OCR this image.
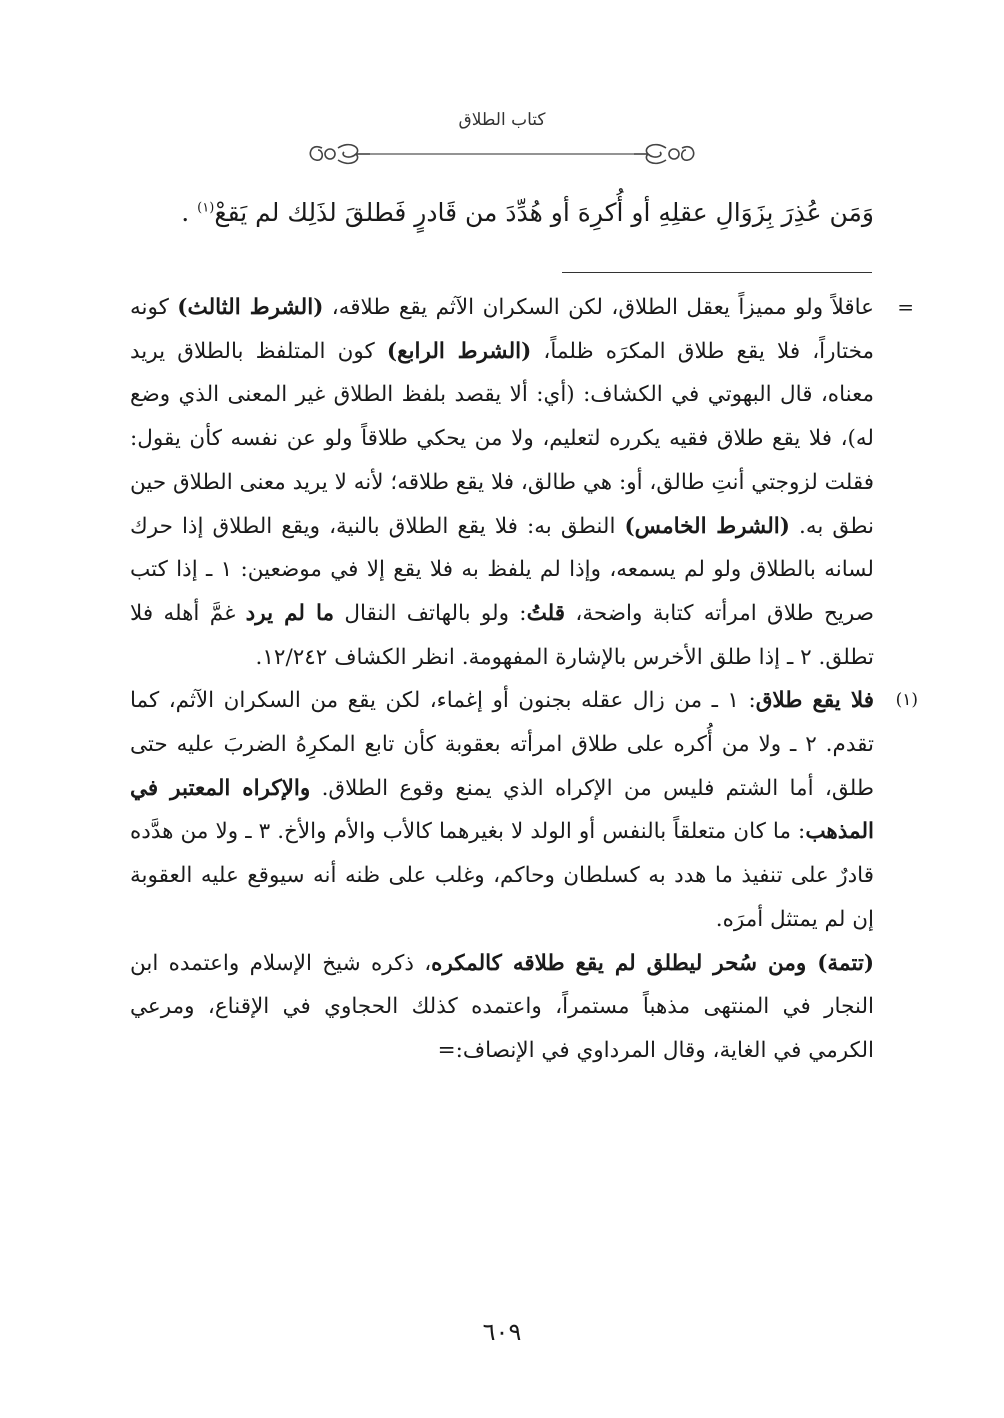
كتاب الطلاق
وَمَن عُذِرَ بِزَوَالِ عقلِهِ أو أُكرِهَ أو هُدِّدَ من قَادرٍ فَطلقَ لذَلِك لم يَقعْ$^{(١)}$ .

=
عاقلاً ولو مميزاً يعقل الطلاق، لكن السكران الآثم يقع طلاقه، (الشرط الثالث) كونه مختاراً، فلا يقع طلاق المكرَه ظلماً، (الشرط الرابع) كون المتلفظ بالطلاق يريد معناه، قال البهوتي في الكشاف: (أي: ألا يقصد بلفظ الطلاق غير المعنى الذي وضع له)، فلا يقع طلاق فقيه يكرره لتعليم، ولا من يحكي طلاقاً ولو عن نفسه كأن يقول: فقلت لزوجتي أنتِ طالق، أو: هي طالق، فلا يقع طلاقه؛ لأنه لا يريد معنى الطلاق حين نطق به. (الشرط الخامس) النطق به: فلا يقع الطلاق بالنية، ويقع الطلاق إذا حرك لسانه بالطلاق ولو لم يسمعه، وإذا لم يلفظ به فلا يقع إلا في موضعين: ١ ـ إذا كتب صريح طلاق امرأته كتابة واضحة، قلتُ: ولو بالهاتف النقال ما لم يرد غمَّ أهله فلا تطلق. ٢ ـ إذا طلق الأخرس بالإشارة المفهومة. انظر الكشاف ١٢/٢٤٢.

(١)
فلا يقع طلاق: ١ ـ من زال عقله بجنون أو إغماء، لكن يقع من السكران الآثم، كما تقدم. ٢ ـ ولا من أُكره على طلاق امرأته بعقوبة كأن تابع المكرِهُ الضربَ عليه حتى طلق، أما الشتم فليس من الإكراه الذي يمنع وقوع الطلاق. والإكراه المعتبر في المذهب: ما كان متعلقاً بالنفس أو الولد لا بغيرهما كالأب والأم والأخ. ٣ ـ ولا من هدَّده قادرٌ على تنفيذ ما هدد به كسلطان وحاكم، وغلب على ظنه أنه سيوقع عليه العقوبة إن لم يمتثل أمرَه.

(تتمة) ومن سُحر ليطلق لم يقع طلاقه كالمكره، ذكره شيخ الإسلام واعتمده ابن النجار في المنتهى مذهباً مستمراً، واعتمده كذلك الحجاوي في الإقناع، ومرعي الكرمي في الغاية، وقال المرداوي في الإنصاف:=

٦٠٩
